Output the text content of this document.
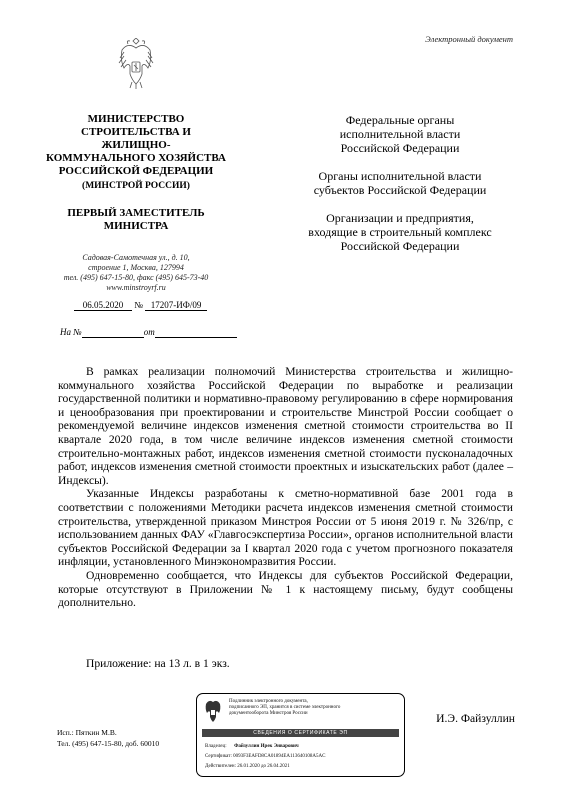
Электронный документ
МИНИСТЕРСТВО
СТРОИТЕЛЬСТВА И ЖИЛИЩНО-
КОММУНАЛЬНОГО ХОЗЯЙСТВА
РОССИЙСКОЙ ФЕДЕРАЦИИ
(МИНСТРОЙ РОССИИ)
ПЕРВЫЙ ЗАМЕСТИТЕЛЬ
МИНИСТРА
Садовая-Самотечная ул., д. 10,
строение 1, Москва, 127994
тел. (495) 647-15-80, факс (495) 645-73-40
www.minstroyrf.ru
06.05.2020 № 17207-ИФ/09
На №	от
Федеральные органы
исполнительной власти
Российской Федерации
Органы исполнительной власти
субъектов Российской Федерации
Организации и предприятия,
входящие в строительный комплекс
Российской Федерации

В рамках реализации полномочий Министерства строительства и жилищно-коммунального хозяйства Российской Федерации по выработке и реализации государственной политики и нормативно-правовому регулированию в сфере нормирования и ценообразования при проектировании и строительстве Минстрой России сообщает о рекомендуемой величине индексов изменения сметной стоимости строительства во II квартале 2020 года, в том числе величине индексов изменения сметной стоимости строительно-монтажных работ, индексов изменения сметной стоимости пусконаладочных работ, индексов изменения сметной стоимости проектных и изыскательских работ (далее – Индексы).

Указанные Индексы разработаны к сметно-нормативной базе 2001 года в соответствии с положениями Методики расчета индексов изменения сметной стоимости строительства, утвержденной приказом Минстроя России от 5 июня 2019 г. № 326/пр, с использованием данных ФАУ «Главгосэкспертиза России», органов исполнительной власти субъектов Российской Федерации за I квартал 2020 года с учетом прогнозного показателя инфляции, установленного Минэкономразвития России.

Одновременно сообщается, что Индексы для субъектов Российской Федерации, которые отсутствуют в Приложении № 1 к настоящему письму, будут сообщены дополнительно.

Приложение: на 13 л. в 1 экз.
Подлинник электронного документа,
подписанного ЭП, хранится в системе электронного
документооборота Минстроя России
СВЕДЕНИЯ О СЕРТИФИКАТЕ ЭП
Владелец: Файзуллин Ирек Энварович
Сертификат: 0093F3EAFD8CA01894EA113640108A5AC
Действителен: 26.01.2020 до 26.04.2021
И.Э. Файзуллин
Исп.: Пяткин М.В.
Тел. (495) 647-15-80, доб. 60010
